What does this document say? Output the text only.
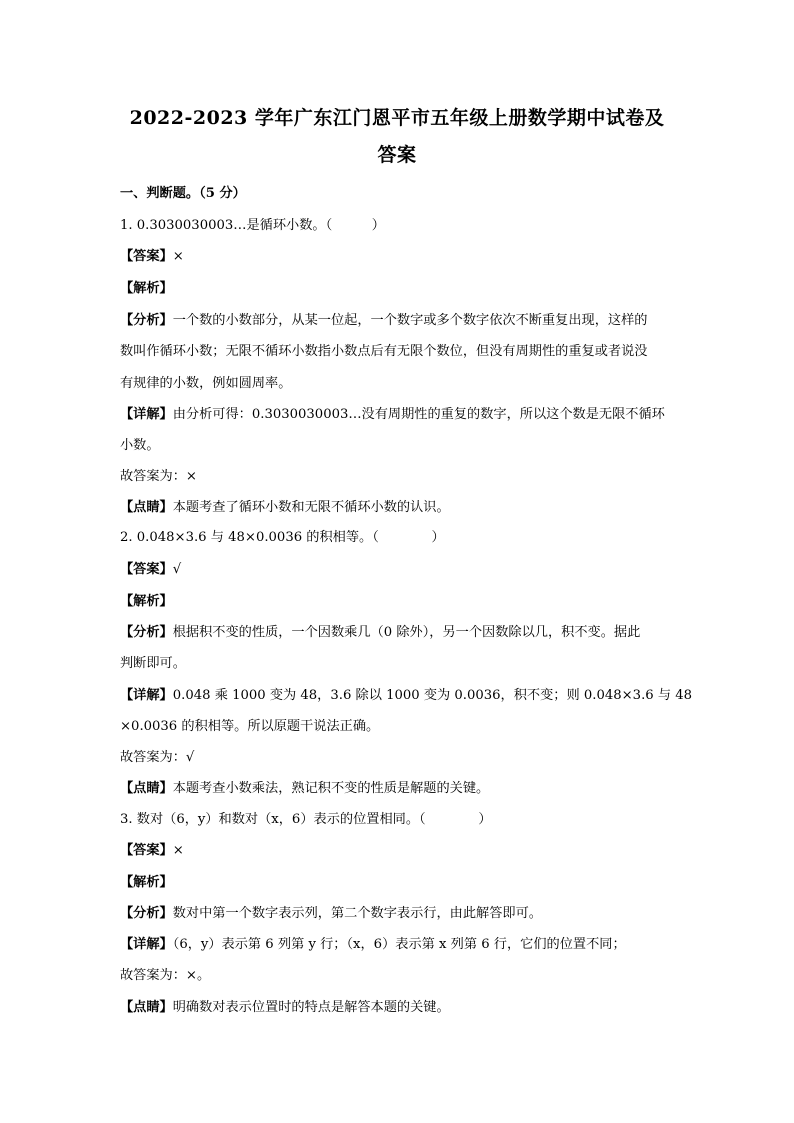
2022-2023 学年广东江门恩平市五年级上册数学期中试卷及
答案
一、判断题。（5 分）
1. 0.3030030003…是循环小数。（　　　）
【答案】×
【解析】
【分析】一个数的小数部分，从某一位起，一个数字或多个数字依次不断重复出现，这样的
数叫作循环小数；无限不循环小数指小数点后有无限个数位，但没有周期性的重复或者说没
有规律的小数，例如圆周率。
【详解】由分析可得：0.3030030003…没有周期性的重复的数字，所以这个数是无限不循环
小数。
故答案为：×
【点睛】本题考查了循环小数和无限不循环小数的认识。
2. 0.048×3.6 与 48×0.0036 的积相等。（　　　　）
【答案】√
【解析】
【分析】根据积不变的性质，一个因数乘几（0 除外），另一个因数除以几，积不变。据此
判断即可。
【详解】0.048 乘 1000 变为 48，3.6 除以 1000 变为 0.0036，积不变；则 0.048×3.6 与 48
×0.0036 的积相等。所以原题干说法正确。
故答案为：√
【点睛】本题考查小数乘法，熟记积不变的性质是解题的关键。
3. 数对（6，y）和数对（x，6）表示的位置相同。（　　　　）
【答案】×
【解析】
【分析】数对中第一个数字表示列，第二个数字表示行，由此解答即可。
【详解】（6，y）表示第 6 列第 y 行；（x，6）表示第 x 列第 6 行，它们的位置不同；
故答案为：×。
【点睛】明确数对表示位置时的特点是解答本题的关键。
